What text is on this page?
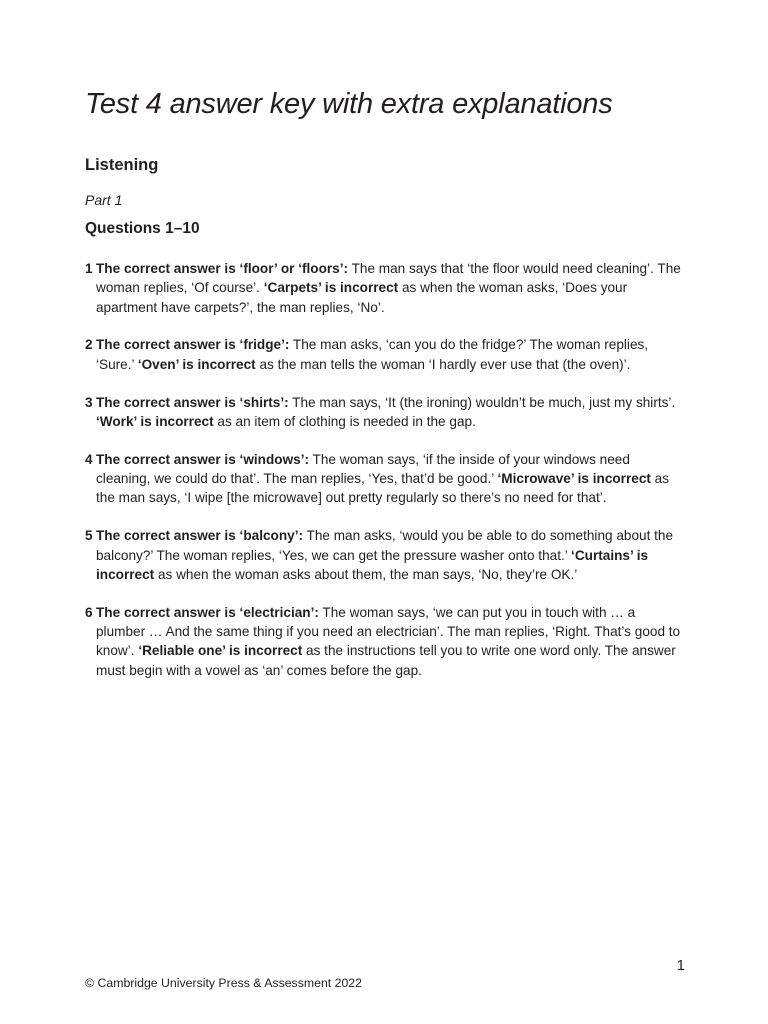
Test 4 answer key with extra explanations
Listening
Part 1
Questions 1–10
1 The correct answer is ‘floor’ or ‘floors’: The man says that ‘the floor would need cleaning’. The woman replies, ‘Of course’. ‘Carpets’ is incorrect as when the woman asks, ‘Does your apartment have carpets?’, the man replies, ‘No’.
2 The correct answer is ‘fridge’: The man asks, ‘can you do the fridge?’ The woman replies, ‘Sure.’ ‘Oven’ is incorrect as the man tells the woman ‘I hardly ever use that (the oven)’.
3 The correct answer is ‘shirts’: The man says, ‘It (the ironing) wouldn’t be much, just my shirts’. ‘Work’ is incorrect as an item of clothing is needed in the gap.
4 The correct answer is ‘windows’: The woman says, ‘if the inside of your windows need cleaning, we could do that’. The man replies, ‘Yes, that’d be good.’ ‘Microwave’ is incorrect as the man says, ‘I wipe [the microwave] out pretty regularly so there’s no need for that’.
5 The correct answer is ‘balcony’: The man asks, ‘would you be able to do something about the balcony?’ The woman replies, ‘Yes, we can get the pressure washer onto that.’ ‘Curtains’ is incorrect as when the woman asks about them, the man says, ‘No, they’re OK.’
6 The correct answer is ‘electrician’: The woman says, ‘we can put you in touch with … a plumber … And the same thing if you need an electrician’. The man replies, ‘Right. That’s good to know’. ‘Reliable one’ is incorrect as the instructions tell you to write one word only. The answer must begin with a vowel as ‘an’ comes before the gap.
1
© Cambridge University Press & Assessment 2022
